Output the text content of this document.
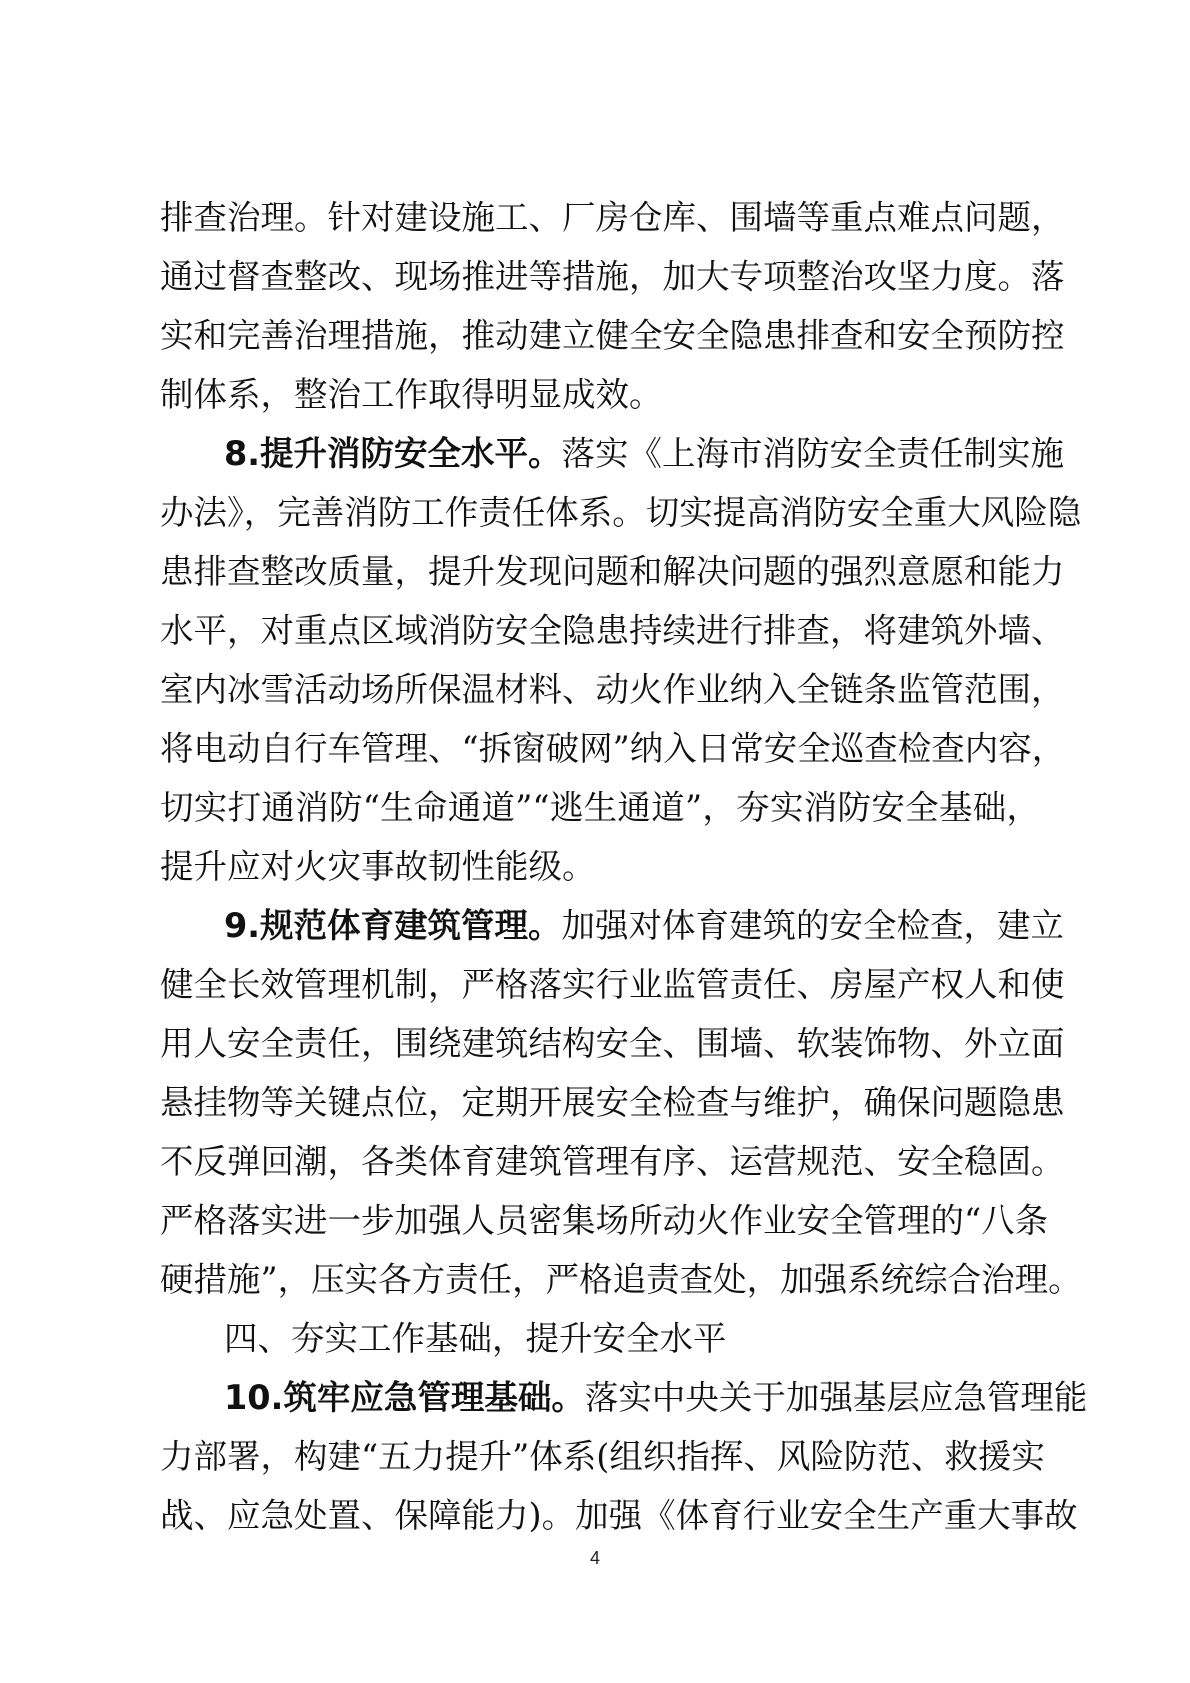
排查治理。针对建设施工、厂房仓库、围墙等重点难点问题，
通过督查整改、现场推进等措施，加大专项整治攻坚力度。落
实和完善治理措施，推动建立健全安全隐患排查和安全预防控
制体系，整治工作取得明显成效。
8.提升消防安全水平。落实《上海市消防安全责任制实施
办法》，完善消防工作责任体系。切实提高消防安全重大风险隐
患排查整改质量，提升发现问题和解决问题的强烈意愿和能力
水平，对重点区域消防安全隐患持续进行排查，将建筑外墙、
室内冰雪活动场所保温材料、动火作业纳入全链条监管范围，
将电动自行车管理、“拆窗破网”纳入日常安全巡查检查内容，
切实打通消防“生命通道”“逃生通道”，夯实消防安全基础，
提升应对火灾事故韧性能级。
9.规范体育建筑管理。加强对体育建筑的安全检查，建立
健全长效管理机制，严格落实行业监管责任、房屋产权人和使
用人安全责任，围绕建筑结构安全、围墙、软装饰物、外立面
悬挂物等关键点位，定期开展安全检查与维护，确保问题隐患
不反弹回潮，各类体育建筑管理有序、运营规范、安全稳固。
严格落实进一步加强人员密集场所动火作业安全管理的“八条
硬措施”，压实各方责任，严格追责查处，加强系统综合治理。
四、夯实工作基础，提升安全水平
10.筑牢应急管理基础。落实中央关于加强基层应急管理能
力部署，构建“五力提升”体系(组织指挥、风险防范、救援实
战、应急处置、保障能力)。加强《体育行业安全生产重大事故
4
